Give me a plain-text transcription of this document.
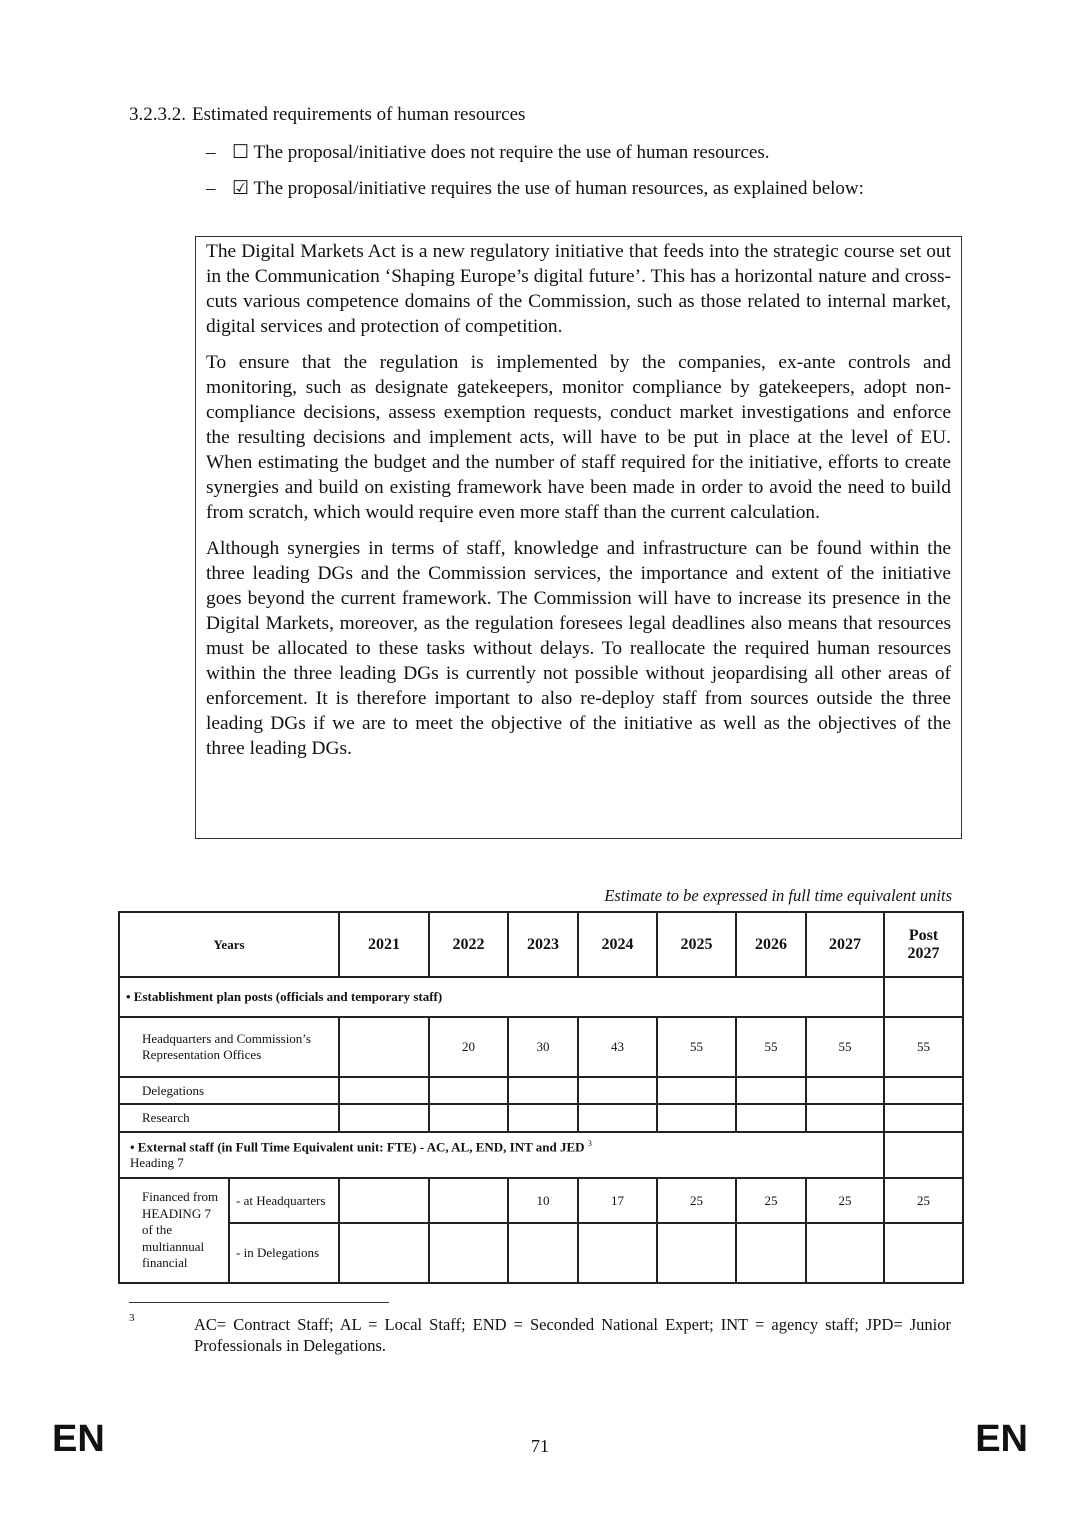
3.2.3.2. Estimated requirements of human resources
– ☐ The proposal/initiative does not require the use of human resources.
– ☑ The proposal/initiative requires the use of human resources, as explained below:

The Digital Markets Act is a new regulatory initiative that feeds into the strategic course set out in the Communication ‘Shaping Europe’s digital future’. This has a horizontal nature and cross-cuts various competence domains of the Commission, such as those related to internal market, digital services and protection of competition.

To ensure that the regulation is implemented by the companies, ex-ante controls and monitoring, such as designate gatekeepers, monitor compliance by gatekeepers, adopt non-compliance decisions, assess exemption requests, conduct market investigations and enforce the resulting decisions and implement acts, will have to be put in place at the level of EU. When estimating the budget and the number of staff required for the initiative, efforts to create synergies and build on existing framework have been made in order to avoid the need to build from scratch, which would require even more staff than the current calculation.

Although synergies in terms of staff, knowledge and infrastructure can be found within the three leading DGs and the Commission services, the importance and extent of the initiative goes beyond the current framework. The Commission will have to increase its presence in the Digital Markets, moreover, as the regulation foresees legal deadlines also means that resources must be allocated to these tasks without delays. To reallocate the required human resources within the three leading DGs is currently not possible without jeopardising all other areas of enforcement. It is therefore important to also re-deploy staff from sources outside the three leading DGs if we are to meet the objective of the initiative as well as the objectives of the three leading DGs.

Estimate to be expressed in full time equivalent units
Years		2021	2022	2023	2024	2025	2026	2027	Post 2027
• Establishment plan posts (officials and temporary staff)									
Headquarters and Commission’s Representation Offices			20	30	43	55	55	55	55
Delegations									
Research									
• External staff (in Full Time Equivalent unit: FTE) - AC, AL, END, INT and JED $^3$
Heading 7									
Financed from HEADING 7 of the multiannual financial	- at Headquarters			10	17	25	25	25	25
	- in Delegations								
3	AC= Contract Staff; AL = Local Staff; END = Seconded National Expert; INT = agency staff; JPD= Junior Professionals in Delegations.
EN	71	EN
